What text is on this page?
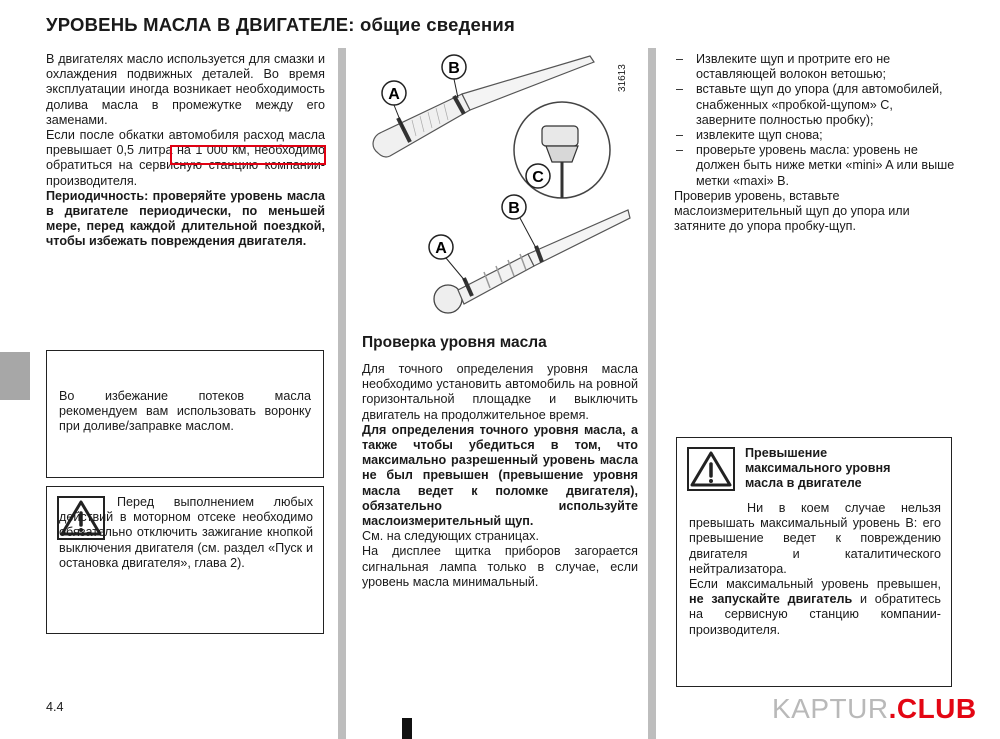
УРОВЕНЬ МАСЛА В ДВИГАТЕЛЕ: общие сведения

В двигателях масло используется для смазки и охлаждения подвижных деталей. Во время эксплуатации иногда возникает необходимость долива масла в промежутке между его заменами.

Если после обкатки автомобиля расход масла превышает 0,5 литра на 1 000 км, необходимо обратиться на сервисную станцию компании-производителя.

Периодичность: проверяйте уровень масла в двигателе периодически, по меньшей мере, перед каждой длительной поездкой, чтобы избежать повреждения двигателя.

Во избежание потеков масла рекомендуем вам использовать воронку при доливе/заправке маслом.
Перед выполнением любых действий в моторном отсеке необходимо обязательно отключить зажигание кнопкой выключения двигателя (см. раздел «Пуск и остановка двигателя», глава 2).
A
B
C
A
B
31613
Проверка уровня масла

Для точного определения уровня масла необходимо установить автомобиль на ровной горизонтальной площадке и выключить двигатель на продолжительное время.

Для определения точного уровня масла, а также чтобы убедиться в том, что максимально разрешенный уровень масла не был превышен (превышение уровня масла ведет к поломке двигателя), обязательно используйте маслоизмерительный щуп.

См. на следующих страницах.

На дисплее щитка приборов загорается сигнальная лампа только в случае, если уровень масла минимальный.

– Извлеките щуп и протрите его не оставляющей волокон ветошью;
– вставьте щуп до упора (для автомобилей, снабженных «пробкой-щупом» C, заверните полностью пробку);
– извлеките щуп снова;
– проверьте уровень масла: уровень не должен быть ниже метки «mini» A или выше метки «maxi» B.

Проверив уровень, вставьте маслоизмерительный щуп до упора или затяните до упора пробку-щуп.

Превышение максимального уровня масла в двигателе

Ни в коем случае нельзя превышать максимальный уровень B: его превышение ведет к повреждению двигателя и каталитического нейтрализатора.

Если максимальный уровень превышен, не запускайте двигатель и обратитесь на сервисную станцию компании-производителя.

4.4	KAPTUR.CLUB
